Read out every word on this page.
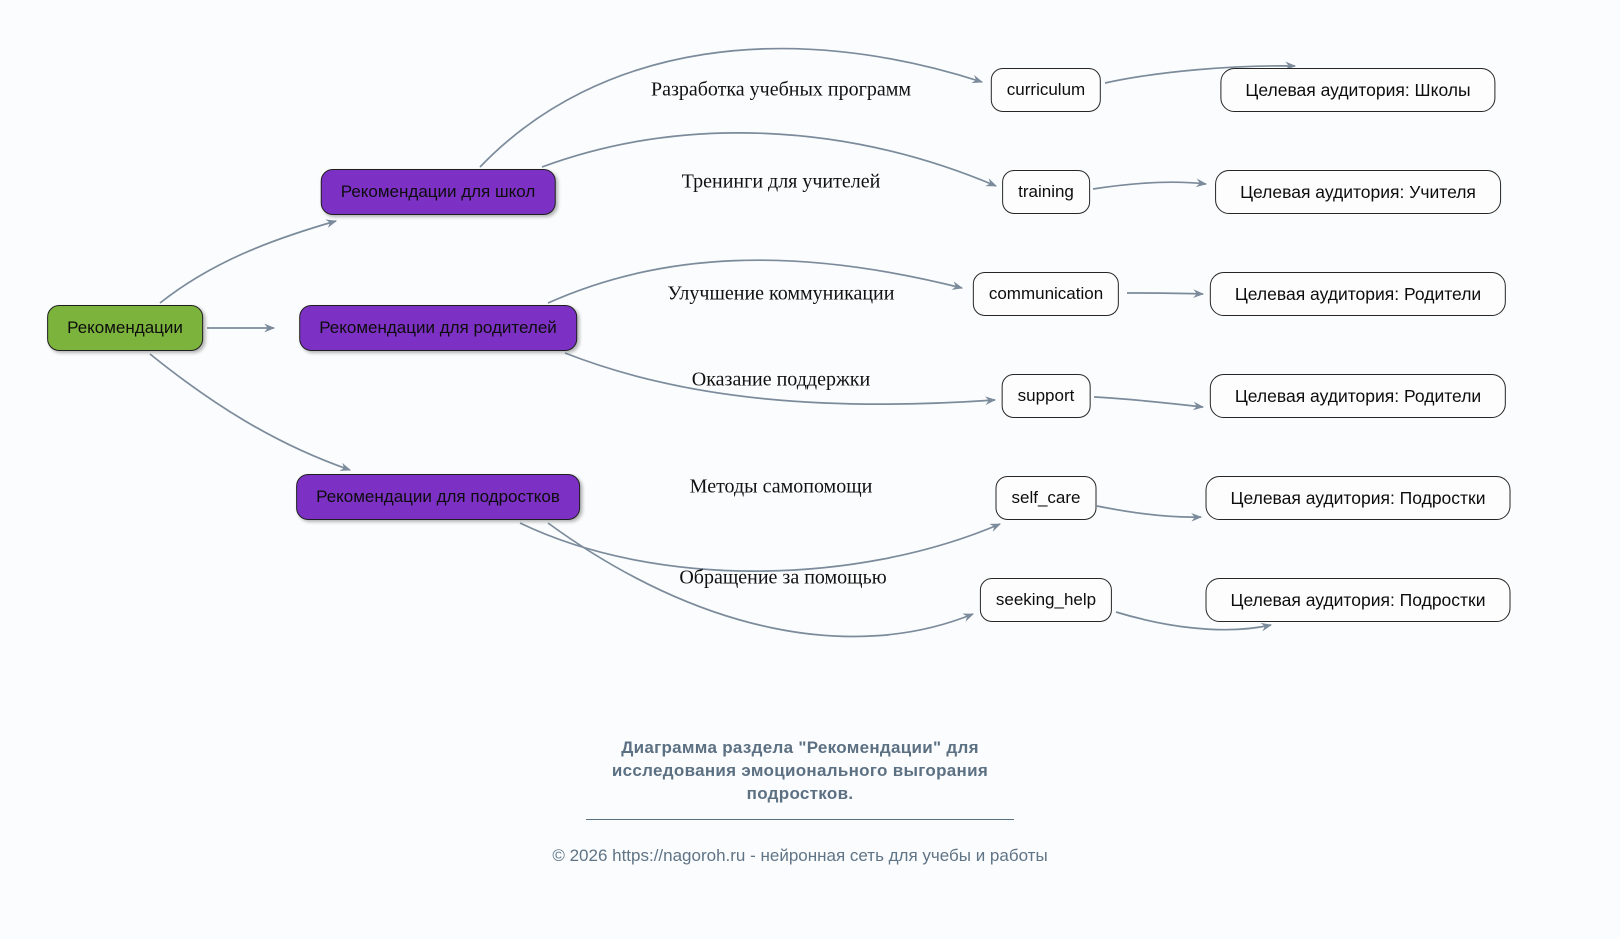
Рекомендации
Рекомендации для школ
Рекомендации для родителей
Рекомендации для подростков
Разработка учебных программ
Тренинги для учителей
Улучшение коммуникации
Оказание поддержки
Методы самопомощи
Обращение за помощью
curriculum
training
communication
support
self_care
seeking_help
Целевая аудитория: Школы
Целевая аудитория: Учителя
Целевая аудитория: Родители
Целевая аудитория: Родители
Целевая аудитория: Подростки
Целевая аудитория: Подростки
Диаграмма раздела "Рекомендации" для исследования эмоционального выгорания подростков.
© 2026 https://nagoroh.ru - нейронная сеть для учебы и работы
